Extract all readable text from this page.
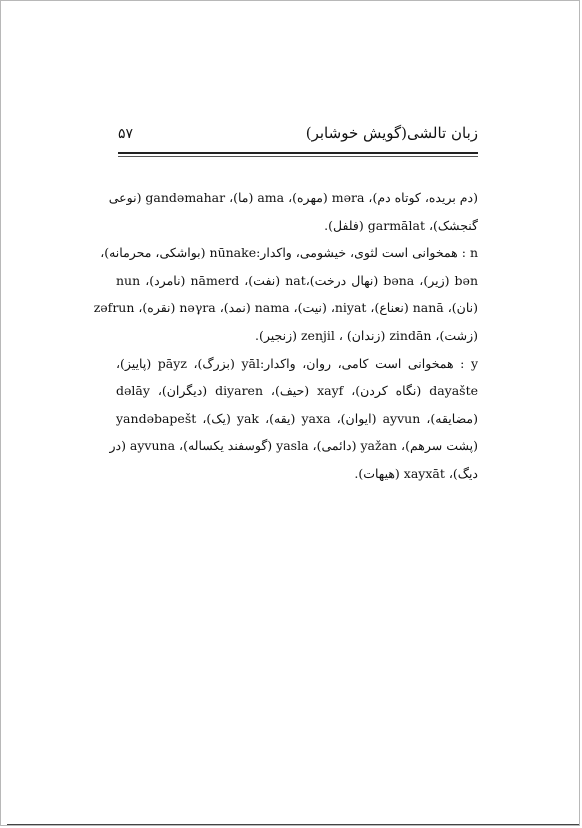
زبان تالشی(گویش خوشابر)
۵۷
(دم بریده، کوتاه دم)، mərа (مهره)، ama (ما)، gandəmahar (نوعی
گنجشک)، garmālat (فلفل).
n : همخوانی است لثوی، خیشومی، واکدار:nūnake (بواشکی، محرمانه)،
bən (زیر)، bəna (نهال درخت)،nat (نفت)، nāmerd (نامرد)، nun
(نان)، nanā (نعناع)، niyat، (نیت)، nama (نمد)، nəγra (نقره)، zəfrun
(زشت)، zindān (زندان) ، zenjil (زنجیر).
y : همخوانی است کامی، روان، واکدار:yāl (بزرگ)، pāyz (پاییز)،
dayašte (نگاه کردن)، xayf (حیف)، diyaren (دیگران)، dəlāy
(مضایقه)، ayvun (ایوان)، yaxa (یقه)، yak (یک)، yandəbapešt
(پشت سرهم)، yažan (دائمی)، yasla (گوسفند یکساله)، ayvuna (در
دیگ)، xayxāt (هیهات).
